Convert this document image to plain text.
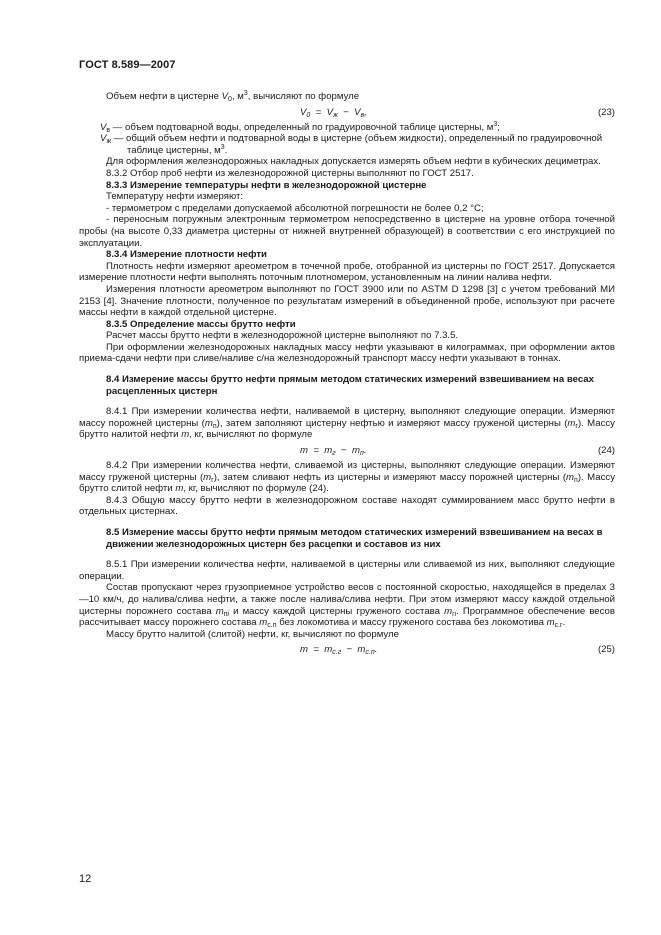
ГОСТ 8.589—2007

Объем нефти в цистерне $V_0$, $м^3$, вычисляют по формуле

$V_0 = V_ж - V_в$,	(23)

$V_в$ — объем подтоварной воды, определенный по градуировочной таблице цистерны, $м^3$;

$V_ж$ — общий объем нефти и подтоварной воды в цистерне (объем жидкости), определенный по градуировочной таблице цистерны, $м^3$.

Для оформления железнодорожных накладных допускается измерять объем нефти в кубических дециметрах.

8.3.2 Отбор проб нефти из железнодорожной цистерны выполняют по ГОСТ 2517.

8.3.3 Измерение температуры нефти в железнодорожной цистерне

Температуру нефти измеряют:

- термометром с пределами допускаемой абсолютной погрешности не более 0,2 °С;

- переносным погружным электронным термометром непосредственно в цистерне на уровне отбора точечной пробы (на высоте 0,33 диаметра цистерны от нижней внутренней образующей) в соответствии с его инструкцией по эксплуатации.

8.3.4 Измерение плотности нефти

Плотность нефти измеряют ареометром в точечной пробе, отобранной из цистерны по ГОСТ 2517. Допускается измерение плотности нефти выполнять поточным плотномером, установленным на линии налива нефти.

Измерения плотности ареометром выполняют по ГОСТ 3900 или по ASTM D 1298 [3] с учетом требований МИ 2153 [4]. Значение плотности, полученное по результатам измерений в объединенной пробе, используют при расчете массы нефти в каждой отдельной цистерне.

8.3.5 Определение массы брутто нефти

Расчет массы брутто нефти в железнодорожной цистерне выполняют по 7.3.5.

При оформлении железнодорожных накладных массу нефти указывают в килограммах, при оформлении актов приема-сдачи нефти при сливе/наливе с/на железнодорожный транспорт массу нефти указывают в тоннах.

8.4 Измерение массы брутто нефти прямым методом статических измерений взвешиванием на весах расцепленных цистерн

8.4.1 При измерении количества нефти, наливаемой в цистерну, выполняют следующие операции. Измеряют массу порожней цистерны $(m_п)$, затем заполняют цистерну нефтью и измеряют массу груженой цистерны $(m_г)$. Массу брутто налитой нефти m, кг, вычисляют по формуле

$m = m_г - m_п$.	(24)

8.4.2 При измерении количества нефти, сливаемой из цистерны, выполняют следующие операции. Измеряют массу груженой цистерны $(m_г)$, затем сливают нефть из цистерны и измеряют массу порожней цистерны $(m_п)$. Массу брутто слитой нефти m, кг, вычисляют по формуле (24).

8.4.3 Общую массу брутто нефти в железнодорожном составе находят суммированием масс брутто нефти в отдельных цистернах.

8.5 Измерение массы брутто нефти прямым методом статических измерений взвешиванием на весах в движении железнодорожных цистерн без расцепки и составов из них

8.5.1 При измерении количества нефти, наливаемой в цистерны или сливаемой из них, выполняют следующие операции.

Состав пропускают через грузоприемное устройство весов с постоянной скоростью, находящейся в пределах 3—10 км/ч, до налива/слива нефти, а также после налива/слива нефти. При этом измеряют массу каждой отдельной цистерны порожнего состава $m_{пi}$ и массу каждой цистерны груженого состава $m_{гi}$. Программное обеспечение весов рассчитывает массу порожнего состава $m_{с.п}$ без локомотива и массу груженого состава без локомотива $m_{с.г}$.

Массу брутто налитой (слитой) нефти, кг, вычисляют по формуле

$m = m_{с.г} - m_{с.п}$.	(25)
12
